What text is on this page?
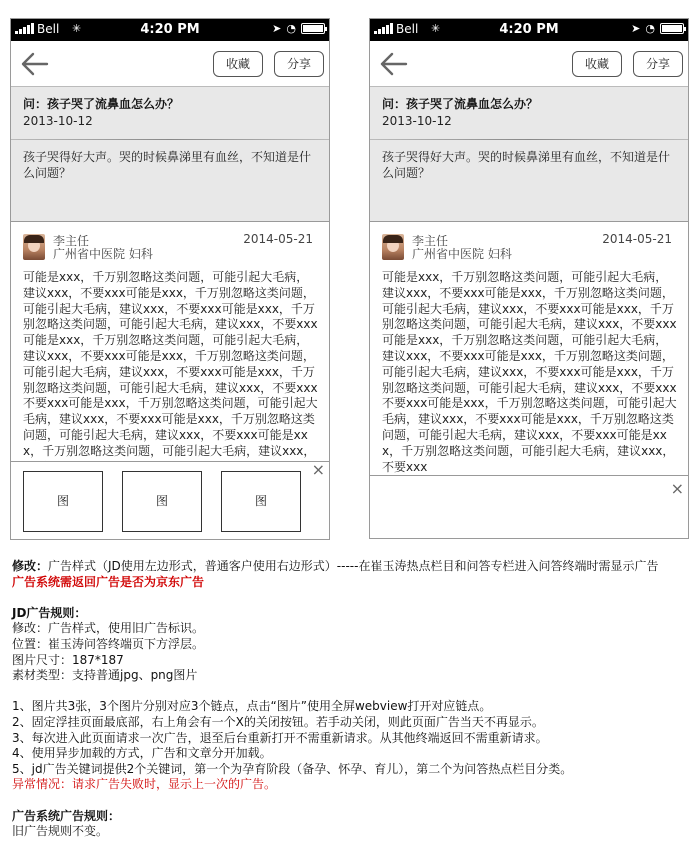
Bell ✳	4:20 PM	➤ ◔
收藏	分享
问：孩子哭了流鼻血怎么办？
2013-10-12
孩子哭得好大声。哭的时候鼻涕里有血丝，不知道是什么问题？
李主任
广州省中医院 妇科
2014-05-21
可能是xxx，千万别忽略这类问题，可能引起大毛病，建议xxx，不要xxx可能是xxx，千万别忽略这类问题，可能引起大毛病，建议xxx，不要xxx可能是xxx，千万别忽略这类问题，可能引起大毛病，建议xxx，不要xxx可能是xxx，千万别忽略这类问题，可能引起大毛病，建议xxx，不要xxx可能是xxx，千万别忽略这类问题，可能引起大毛病，建议xxx，不要xxx可能是xxx，千万别忽略这类问题，可能引起大毛病，建议xxx，不要xxx不要xxx可能是xxx，千万别忽略这类问题，可能引起大毛病，建议xxx，不要xxx可能是xxx，千万别忽略这类问题，可能引起大毛病，建议xxx，不要xxx可能是xxx，千万别忽略这类问题，可能引起大毛病，建议xxx，
×
图	图	图
Bell ✳	4:20 PM	➤ ◔
收藏	分享
问：孩子哭了流鼻血怎么办？
2013-10-12
孩子哭得好大声。哭的时候鼻涕里有血丝，不知道是什么问题？
李主任
广州省中医院 妇科
2014-05-21
可能是xxx，千万别忽略这类问题，可能引起大毛病，建议xxx，不要xxx可能是xxx，千万别忽略这类问题，可能引起大毛病，建议xxx，不要xxx可能是xxx，千万别忽略这类问题，可能引起大毛病，建议xxx，不要xxx可能是xxx，千万别忽略这类问题，可能引起大毛病，建议xxx，不要xxx可能是xxx，千万别忽略这类问题，可能引起大毛病，建议xxx，不要xxx可能是xxx，千万别忽略这类问题，可能引起大毛病，建议xxx，不要xxx不要xxx可能是xxx，千万别忽略这类问题，可能引起大毛病，建议xxx，不要xxx可能是xxx，千万别忽略这类问题，可能引起大毛病，建议xxx，不要xxx可能是xxx，千万别忽略这类问题，可能引起大毛病，建议xxx，不要xxx
×
修改：广告样式（JD使用左边形式，普通客户使用右边形式）-----在崔玉涛热点栏目和问答专栏进入问答终端时需显示广告
广告系统需返回广告是否为京东广告
JD广告规则：
修改：广告样式，使用旧广告标识。
位置：崔玉涛问答终端页下方浮层。
图片尺寸：187*187
素材类型：支持普通jpg、png图片
1、图片共3张，3个图片分别对应3个链点，点击“图片”使用全屏webview打开对应链点。
2、固定浮挂页面最底部，右上角会有一个X的关闭按钮。若手动关闭，则此页面广告当天不再显示。
3、每次进入此页面请求一次广告，退至后台重新打开不需重新请求。从其他终端返回不需重新请求。
4、使用异步加载的方式，广告和文章分开加载。
5、jd广告关键词提供2个关键词，第一个为孕育阶段（备孕、怀孕、育儿），第二个为问答热点栏目分类。
异常情况：请求广告失败时，显示上一次的广告。
广告系统广告规则：
旧广告规则不变。
